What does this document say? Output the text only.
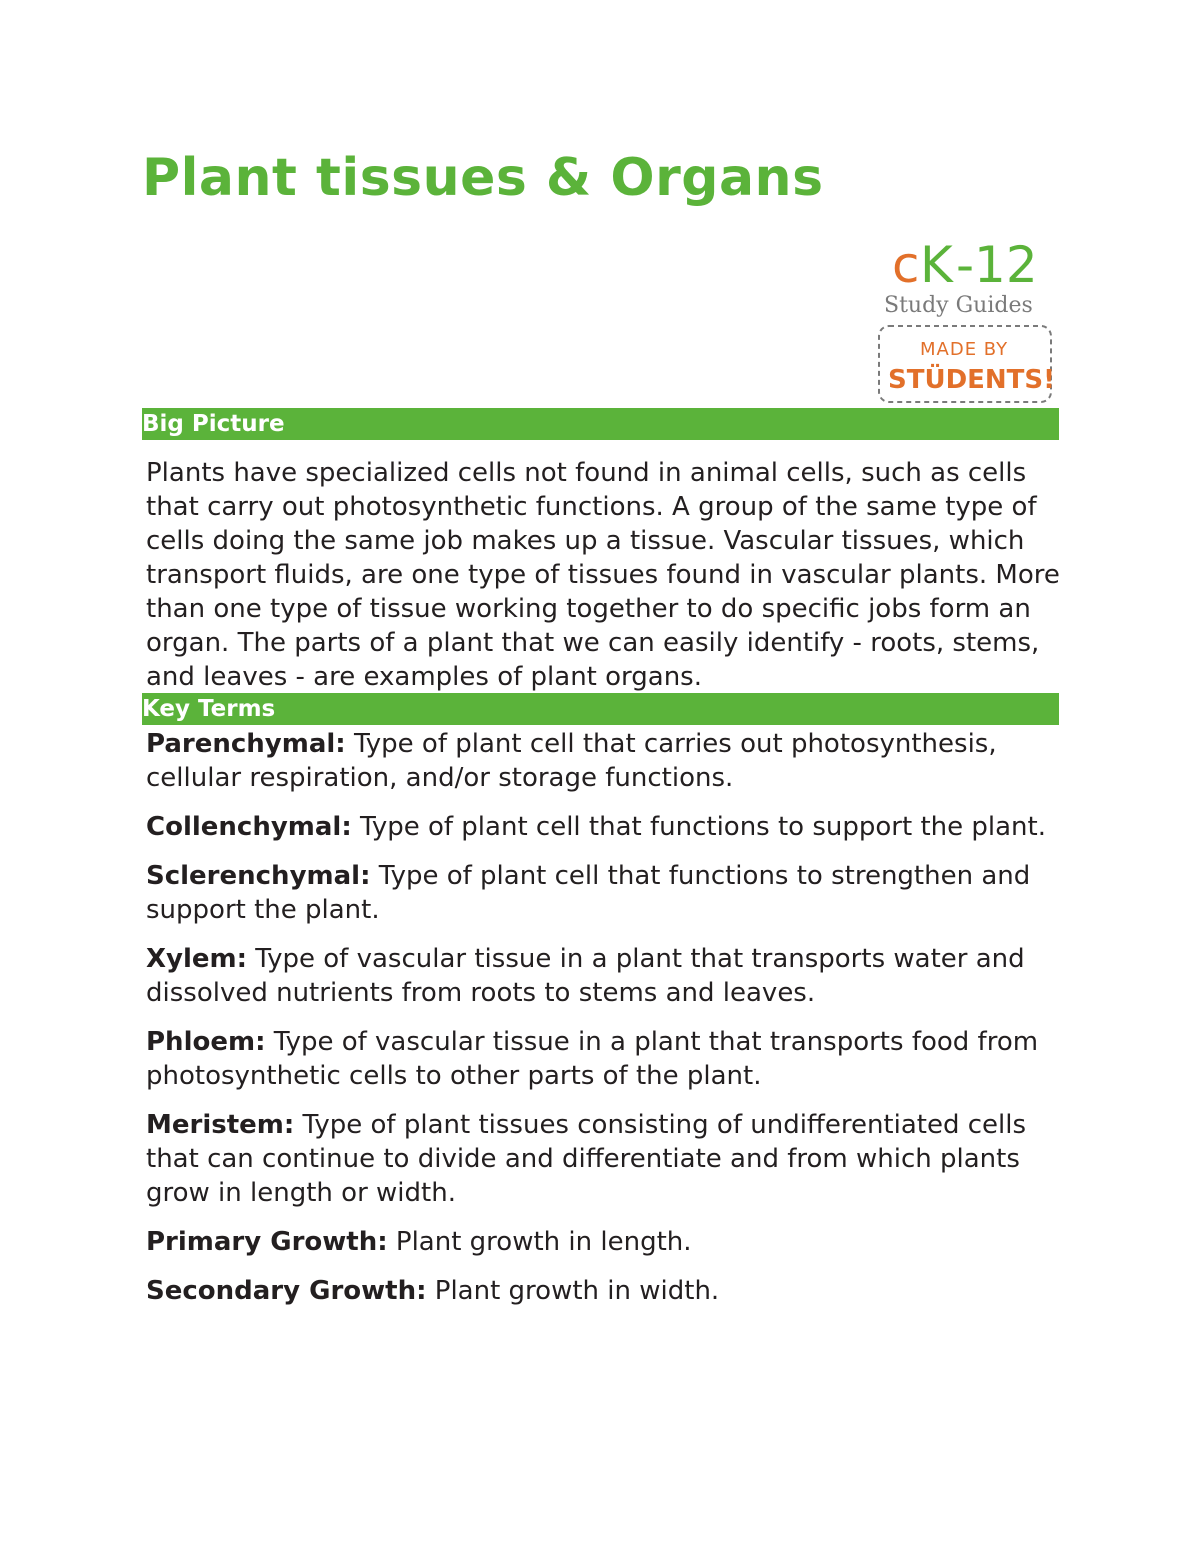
Plant tissues & Organs
c K -12
Study Guides
MADE BY
STÜDENTS!
Big Picture

Plants have specialized cells not found in animal cells, such as cells that carry out photosynthetic functions. A group of the same type of cells doing the same job makes up a tissue. Vascular tissues, which transport fluids, are one type of tissues found in vascular plants. More than one type of tissue working together to do specific jobs form an organ. The parts of a plant that we can easily identify - roots, stems, and leaves - are examples of plant organs.

Key Terms
Parenchymal: Type of plant cell that carries out photosynthesis, cellular respiration, and/or storage functions.
Collenchymal: Type of plant cell that functions to support the plant.
Sclerenchymal: Type of plant cell that functions to strengthen and support the plant.
Xylem: Type of vascular tissue in a plant that transports water and dissolved nutrients from roots to stems and leaves.
Phloem: Type of vascular tissue in a plant that transports food from photosynthetic cells to other parts of the plant.
Meristem: Type of plant tissues consisting of undifferentiated cells that can continue to divide and differentiate and from which plants grow in length or width.
Primary Growth: Plant growth in length.
Secondary Growth: Plant growth in width.
